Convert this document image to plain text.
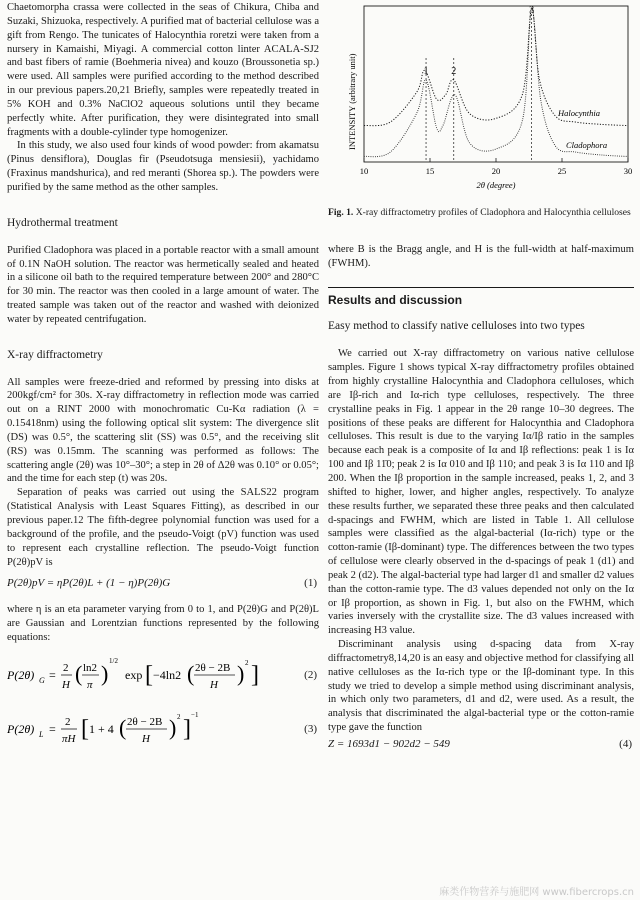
Chaetomorpha crassa were collected in the seas of Chikura, Chiba and Suzaki, Shizuoka, respectively. A purified mat of bacterial cellulose was a gift from Rengo. The tunicates of Halocynthia roretzi were taken from a nursery in Kamaishi, Miyagi. A commercial cotton linter ACALA-SJ2 and bast fibers of ramie (Boehmeria nivea) and kouzo (Broussonetia sp.) were used. All samples were purified according to the method described in our previous papers.20,21 Briefly, samples were repeatedly treated in 5% KOH and 0.3% NaClO2 aqueous solutions until they became perfectly white. After purification, they were disintegrated into small fragments with a double-cylinder type homogenizer.

In this study, we also used four kinds of wood powder: from akamatsu (Pinus densiflora), Douglas fir (Pseudotsuga mensiesii), yachidamo (Fraxinus mandshurica), and red meranti (Shorea sp.). The powders were purified by the same method as the other samples.

Hydrothermal treatment

Purified Cladophora was placed in a portable reactor with a small amount of 0.1N NaOH solution. The reactor was hermetically sealed and heated in a silicone oil bath to the required temperature between 200° and 280°C for 30 min. The reactor was then cooled in a large amount of water. The treated sample was taken out of the reactor and washed with deionized water by repeated centrifugation.

X-ray diffractometry

All samples were freeze-dried and reformed by pressing into disks at 200kgf/cm² for 30s. X-ray diffractometry in reflection mode was carried out on a RINT 2000 with monochromatic Cu-Kα radiation (λ = 0.15418nm) using the following optical slit system: The divergence slit (DS) was 0.5°, the scattering slit (SS) was 0.5°, and the receiving slit (RS) was 0.15mm. The scanning was performed as follows: The scattering angle (2θ) was 10°–30°; a step in 2θ of Δ2θ was 0.10° or 0.05°; and the time for each step (t) was 20s.

Separation of peaks was carried out using the SALS22 program (Statistical Analysis with Least Squares Fitting), as described in our previous paper.12 The fifth-degree polynomial function was used for a background of the profile, and the pseudo-Voigt (pV) function was used to represent each crystalline reflection. The pseudo-Voigt function P(2θ)pV is

P(2θ)pV = ηP(2θ)L + (1 − η)P(2θ)G	(1)

where η is an eta parameter varying from 0 to 1, and P(2θ)G and P(2θ)L are Gaussian and Lorentzian functions represented by the following equations:

P(2θ) G = 2
H ( ln2
π ) 1/2
exp [ −4ln2 ( 2θ − 2B
H ) 2 ]	(2)
P(2θ) L = 2
πH [ 1 + 4 ( 2θ − 2B
H ) 2 ]
−1
(3)
INTENSITY (arbitrary unit)
10	15	20	25	30
1 2
3
2θ (degree)
Halocynthia
Cladophora
Fig. 1. X-ray diffractometry profiles of Cladophora and Halocynthia celluloses

where B is the Bragg angle, and H is the full-width at half-maximum (FWHM).

Results and discussion

Easy method to classify native celluloses into two types

We carried out X-ray diffractometry on various native cellulose samples. Figure 1 shows typical X-ray diffractometry profiles obtained from highly crystalline Halocynthia and Cladophora celluloses, which are Iβ-rich and Iα-rich type celluloses, respectively. The three crystalline peaks in Fig. 1 appear in the 2θ range 10–30 degrees. The positions of these peaks are different for Halocynthia and Cladophora celluloses. This result is due to the varying Iα/Iβ ratio in the samples because each peak is a composite of Iα and Iβ reflections: peak 1 is Iα 100 and Iβ 11̄0; peak 2 is Iα 010 and Iβ 110; and peak 3 is Iα 110 and Iβ 200. When the Iβ proportion in the sample increased, peaks 1, 2, and 3 shifted to higher, lower, and higher angles, respectively. To analyze these results further, we separated these three peaks and then calculated d-spacings and FWHM, which are listed in Table 1. All cellulose samples were classified as the algal-bacterial (Iα-rich) type or the cotton-ramie (Iβ-dominant) type. The differences between the two types of cellulose were clearly observed in the d-spacings of peak 1 (d1) and peak 2 (d2). The algal-bacterial type had larger d1 and smaller d2 values than the cotton-ramie type. The d3 values depended not only on the Iα or Iβ proportion, as shown in Fig. 1, but also on the FWHM, which varies inversely with the crystallite size. The d3 values increased with increasing H3 value.

Discriminant analysis using d-spacing data from X-ray diffractometry8,14,20 is an easy and objective method for classifying all native celluloses as the Iα-rich type or the Iβ-dominant type. In this study we tried to develop a simple method using discriminant analysis, in which only two parameters, d1 and d2, were used. As a result, the analysis that discriminated the algal-bacterial type or the cotton-ramie type gave the function

Z = 1693d1 − 902d2 − 549	(4)
麻类作物营养与施肥网 www.fibercrops.cn
